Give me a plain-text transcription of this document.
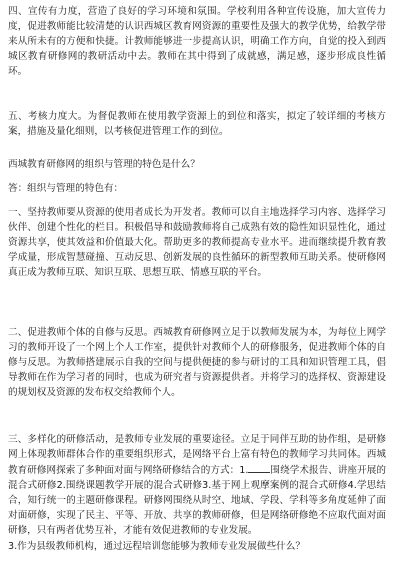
四、宣传有力度，营造了良好的学习环境和氛围。学校利用各种宣传设施，加大宣传力度，促进教师能比较清楚的认识西城区教育网资源的重要性及强大的教学优势，给教学带来从所未有的方便和快捷。计教师能够进一步提高认识，明确工作方向，自觉的投入到西城区教育研修网的教研活动中去。教师在其中得到了成就感，满足感，逐步形成良性循环。

五、考核力度大。为督促教师在使用教学资源上的到位和落实，拟定了较详细的考核方案，措施及量化细则，以考核促进管理工作的到位。

西城教育研修网的组织与管理的特色是什么？

答：组织与管理的特色有：

一、坚持教师要从资源的使用者成长为开发者。教师可以自主地选择学习内容、选择学习伙伴、创建个性化的栏目。积极倡导和鼓励教师将自己成熟有效的隐性知识显性化，通过资源共享，使其效益和价值最大化。帮助更多的教师提高专业水平。进而继续提升教育教学成量，形成智慧碰撞、互动反思、创新发展的良性循环的新型教师互助关系。使研修网真正成为教师互联、知识互联、思想互联、情感互联的平台。

二、促进教师个体的自修与反思。西城教育研修网立足于以教师发展为本，为每位上网学习的教师开设了一个网上个人工作室，提供针对教师个人的研修服务，促进教师个体的自修与反思。为教师搭建展示自我的空间与提供便捷的参与研讨的工具和知识管理工具，倡导教师在作为学习者的同时，也成为研究者与资源提供者。并将学习的选择权、资源建设的规划权及资源的发布权交给教师个人。

三、多样化的研修活动，是教师专业发展的重要途径。立足于同伴互助的协作组，是研修网上体现教师群体合作的重要组织形式，是网络平台上富有特色的教师学习共同体。西城教育研修网探索了多种面对面与网络研修结合的方式：1. 围绕学术报告、讲座开展的混合式研修2.围绕课题教学开展的混合式研修3.基于网上观摩案例的混合式研修4.学思结合，知行统一的主题研修课程。研修网围绕从时空、地域、学段、学科等多角度延伸了面对面研修，实现了民主、平等、开放、共享的教师研修，但是网络研修绝不应取代面对面研修，只有两者优势互补，才能有效促进教师的专业发展。

3.作为县级教师机构，通过远程培训您能够为教师专业发展做些什么？
